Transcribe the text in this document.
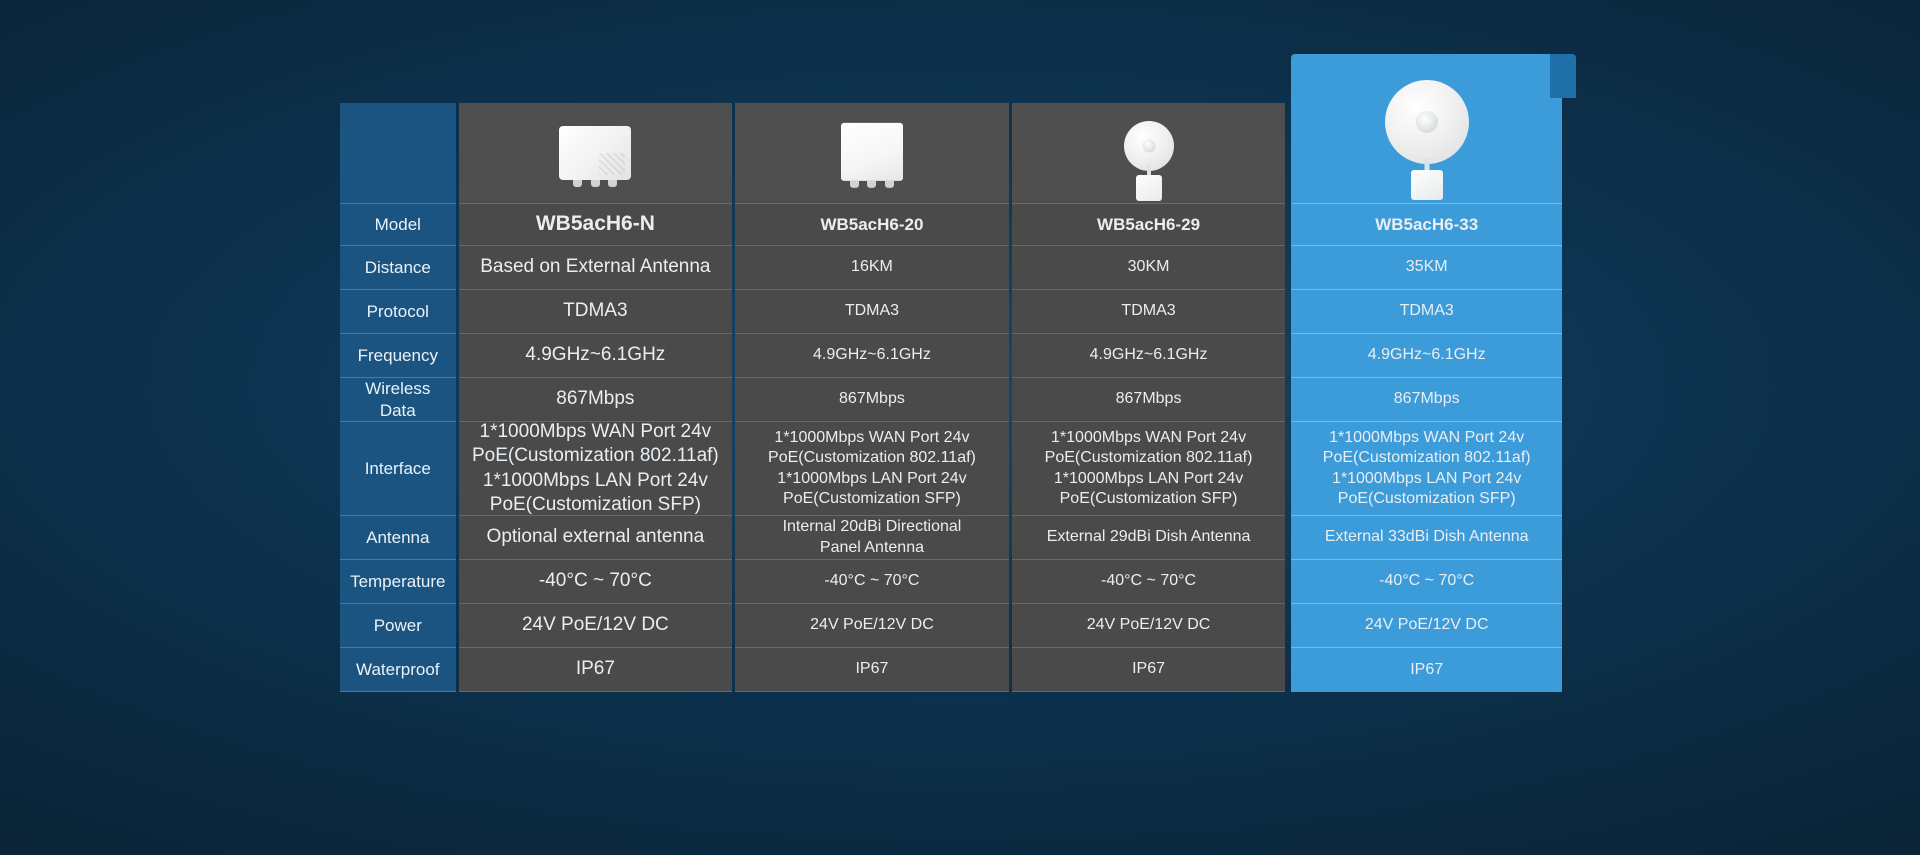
Model
Distance
Protocol
Frequency
Wireless Data
Interface
Antenna
Temperature
Power
Waterproof
WB5acH6-N
Based on External Antenna
TDMA3
4.9GHz~6.1GHz
867Mbps
1*1000Mbps WAN Port 24v
PoE(Customization 802.11af)
1*1000Mbps LAN Port 24v
PoE(Customization SFP)
Optional external antenna
-40°C ~ 70°C
24V PoE/12V DC
IP67
WB5acH6-20
16KM
TDMA3
4.9GHz~6.1GHz
867Mbps
1*1000Mbps WAN Port 24v
PoE(Customization 802.11af)
1*1000Mbps LAN Port 24v
PoE(Customization SFP)
Internal 20dBi Directional
Panel Antenna
-40°C ~ 70°C
24V PoE/12V DC
IP67
WB5acH6-29
30KM
TDMA3
4.9GHz~6.1GHz
867Mbps
1*1000Mbps WAN Port 24v
PoE(Customization 802.11af)
1*1000Mbps LAN Port 24v
PoE(Customization SFP)
External 29dBi Dish Antenna
-40°C ~ 70°C
24V PoE/12V DC
IP67
WB5acH6-33
35KM
TDMA3
4.9GHz~6.1GHz
867Mbps
1*1000Mbps WAN Port 24v
PoE(Customization 802.11af)
1*1000Mbps LAN Port 24v
PoE(Customization SFP)
External 33dBi Dish Antenna
-40°C ~ 70°C
24V PoE/12V DC
IP67
